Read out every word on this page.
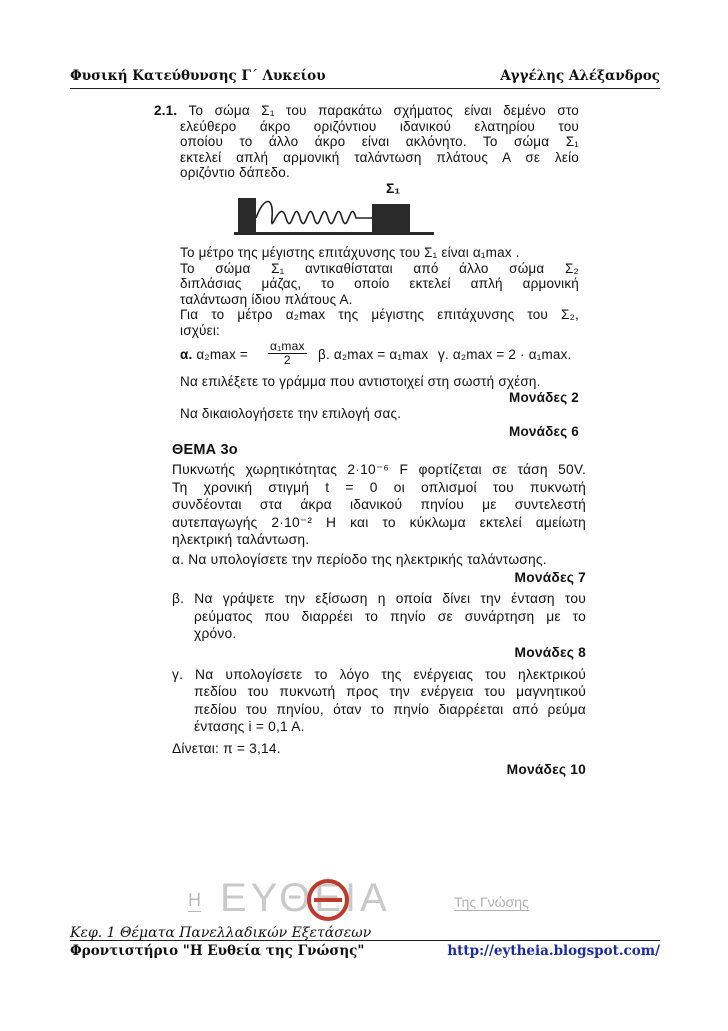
Φυσική Κατεύθυνσης Γ΄ Λυκείου	Αγγέλης Αλέξανδρος
2.1. Το σώμα Σ₁ του παρακάτω σχήματος είναι δεμένο στο
ελεύθερο άκρο οριζόντιου ιδανικού ελατηρίου του
οποίου το άλλο άκρο είναι ακλόνητο. Το σώμα Σ₁
εκτελεί απλή αρμονική ταλάντωση πλάτους Α σε λείο
οριζόντιο δάπεδο.
Σ₁
Το μέτρο της μέγιστης επιτάχυνσης του Σ₁ είναι α₁max .
Το σώμα Σ₁ αντικαθίσταται από άλλο σώμα Σ₂
διπλάσιας μάζας, το οποίο εκτελεί απλή αρμονική
ταλάντωση ίδιου πλάτους Α.
Για το μέτρο α₂max της μέγιστης επιτάχυνσης του Σ₂,
ισχύει:
α. α₂max =
α₁max
2	β. α₂max = α₁max γ. α₂max = 2 · α₁max.
Να επιλέξετε το γράμμα που αντιστοιχεί στη σωστή σχέση.
Μονάδες 2
Να δικαιολογήσετε την επιλογή σας.
Μονάδες 6
ΘΕΜΑ 3ο
Πυκνωτής χωρητικότητας 2·10⁻⁶ F φορτίζεται σε τάση 50V.
Τη χρονική στιγμή t = 0 οι οπλισμοί του πυκνωτή
συνδέονται στα άκρα ιδανικού πηνίου με συντελεστή
αυτεπαγωγής 2·10⁻² Η και το κύκλωμα εκτελεί αμείωτη
ηλεκτρική ταλάντωση.
α. Να υπολογίσετε την περίοδο της ηλεκτρικής ταλάντωσης.
Μονάδες 7
β. Να γράψετε την εξίσωση η οποία δίνει την ένταση του
ρεύματος που διαρρέει το πηνίο σε συνάρτηση με το
χρόνο.
Μονάδες 8
γ. Να υπολογίσετε το λόγο της ενέργειας του ηλεκτρικού
πεδίου του πυκνωτή προς την ενέργεια του μαγνητικού
πεδίου του πηνίου, όταν το πηνίο διαρρέεται από ρεύμα
έντασης i = 0,1 A.
Δίνεται: π = 3,14.
Μονάδες 10
Η ΕΥΘΕΙΑ	Της Γνώσης
Κεφ. 1 Θέματα Πανελλαδικών Εξετάσεων
Φροντιστήριο "Η Ευθεία της Γνώσης"	http://eytheia.blogspot.com/
